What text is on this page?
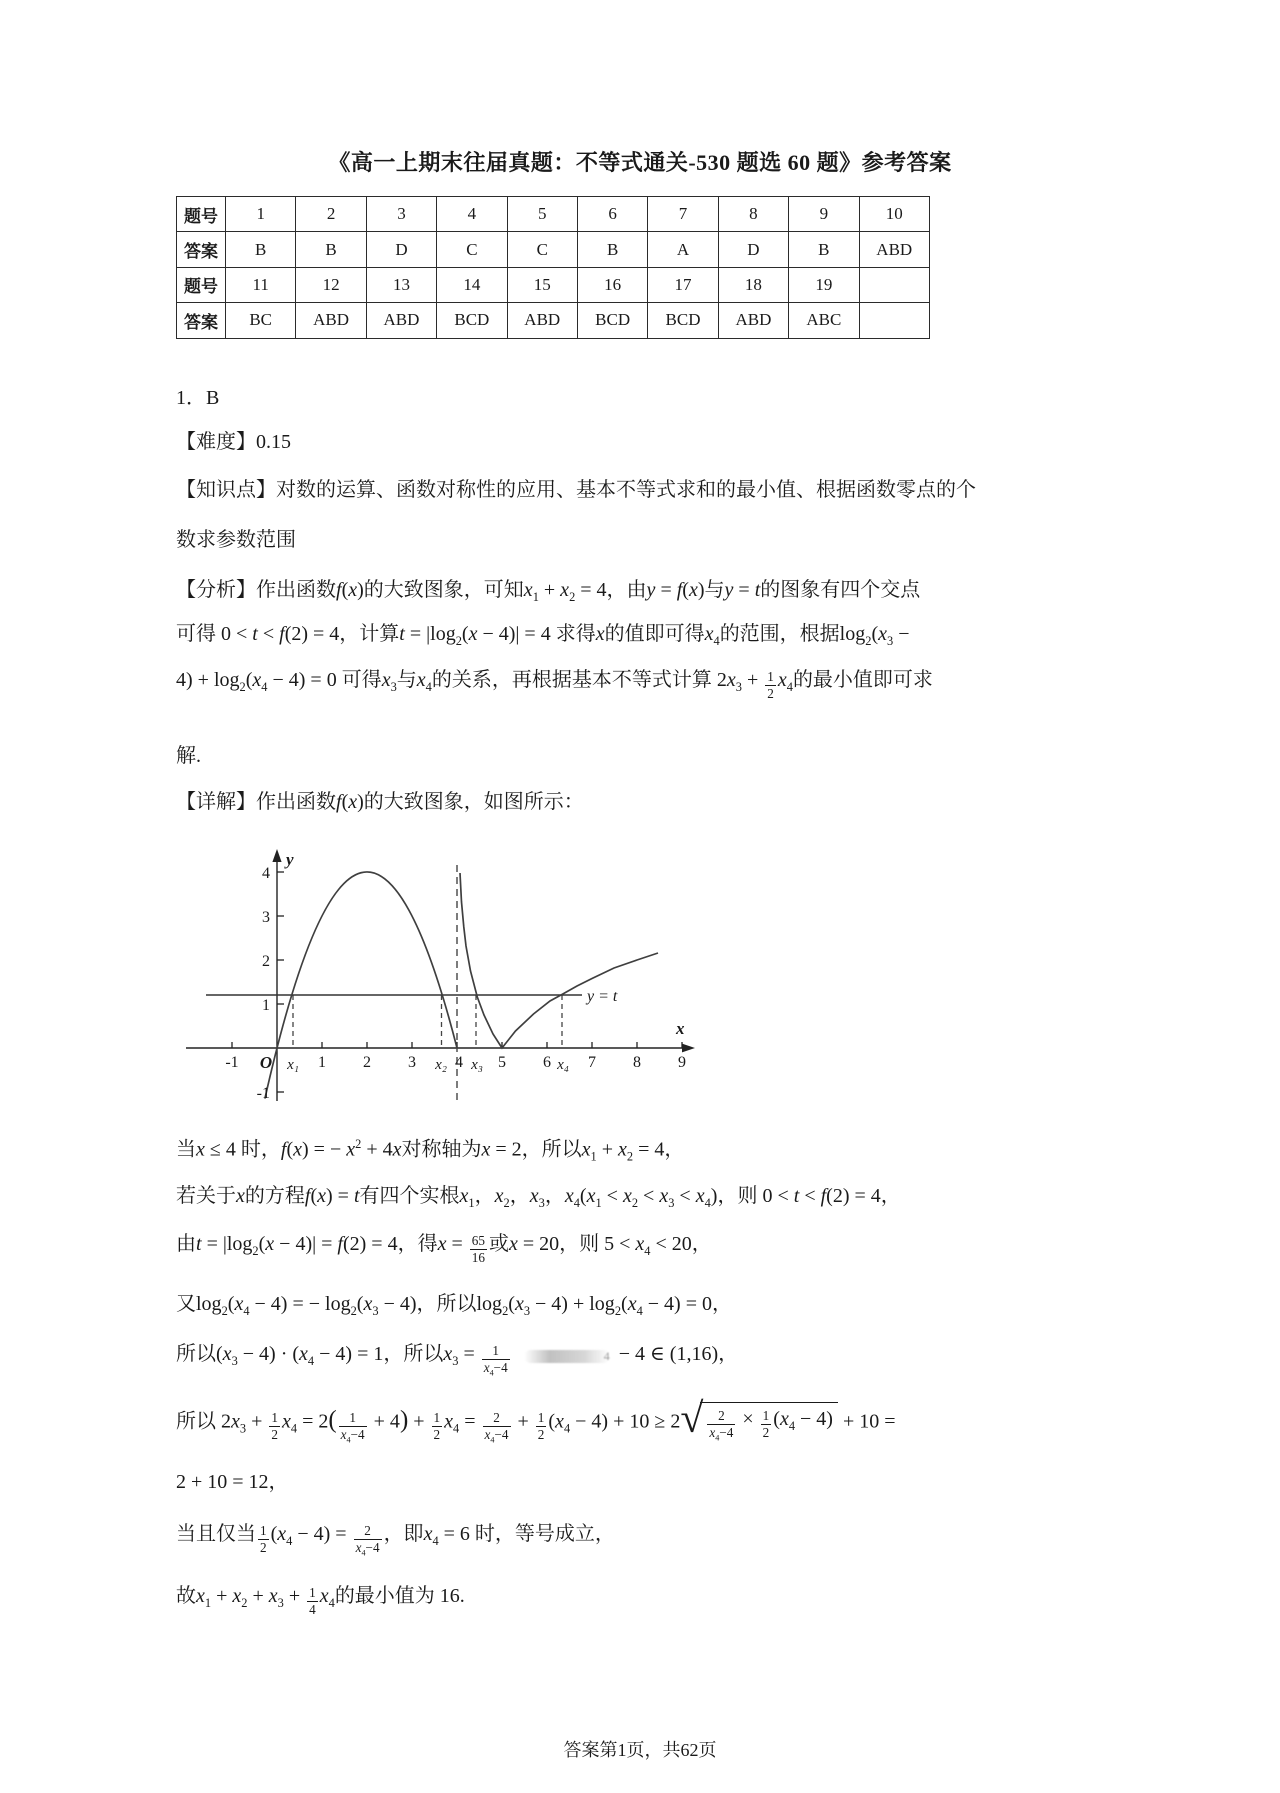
《高一上期末往届真题：不等式通关-530 题选 60 题》参考答案
题号	1	2	3	4	5	6	7	8	9	10
答案	B	B	D	C	C	B	A	D	B	ABD
题号	11	12	13	14	15	16	17	18	19	
答案	BC	ABD	ABD	BCD	ABD	BCD	BCD	ABD	ABC	
1．B
【难度】0.15
【知识点】对数的运算、函数对称性的应用、基本不等式求和的最小值、根据函数零点的个
数求参数范围
【分析】作出函数f(x)的大致图象，可知$x_1 + x_2 = 4$，由y = f(x)与y = t的图象有四个交点
可得 0 < t < f(2) = 4，计算$t = |\log_2(x - 4)| = 4$ 求得x的值即可得$x_4$的范围，根据$\log_2(x_3$ −
$4) + \log_2(x_4 - 4) = 0$ 可得$x_3$与$x_4$的关系，再根据基本不等式计算 $2x_3 + \frac{1}{2} x_4$的最小值即可求
解.
【详解】作出函数f(x)的大致图象，如图所示：
x
y
y = t
-1 O x₁ 1 2 3 x₂ 4 x₃ 5 6 x₄ 7 8 9
4
3
2
1
-1
当x ≤ 4 时，f(x) = − $x^2 + 4x$对称轴为x = 2，所以$x_1 + x_2 = 4$，
若关于x的方程f(x) = t有四个实根$x_1$，$x_2$，$x_3$，$x_4(x_1 < x_2 < x_3 < x_4)$，则 0 < t < f(2) = 4，
由$t = |\log_2(x - 4)| = f(2) = 4$，得$x = \frac{65}{16}$ 或x = 20，则 $5 < x_4 < 20$，
又$\log_2(x_4 - 4)$ = − $\log_2(x_3 - 4)$，所以$\log_2(x_3 - 4) + \log_2(x_4 - 4) = 0$，
所以$(x_3 - 4) \cdot (x_4 - 4) = 1$，所以$x_3 = \frac{1}{x_4-4}$	4 − 4 ∈ (1,16)，
所以 $2x_3 + \frac{1}{2} x_4 = 2( \frac{1}{x_4-4} + 4) + \frac{1}{2} x_4 = \frac{2}{x_4-4} + \frac{1}{2} (x_4 - 4) + 10 \ge 2$ √ $\frac{2}{x_4-4} \times \frac{1}{2} (x_4 - 4) + 10$ =
2 + 10 = 12，
当且仅当 $\frac{1}{2} (x_4 - 4) = \frac{2}{x_4-4}$ ，即$x_4 = 6$ 时，等号成立，
故$x_1 + x_2 + x_3 + \frac{1}{4} x_4$的最小值为 16.
答案第1页，共62页
